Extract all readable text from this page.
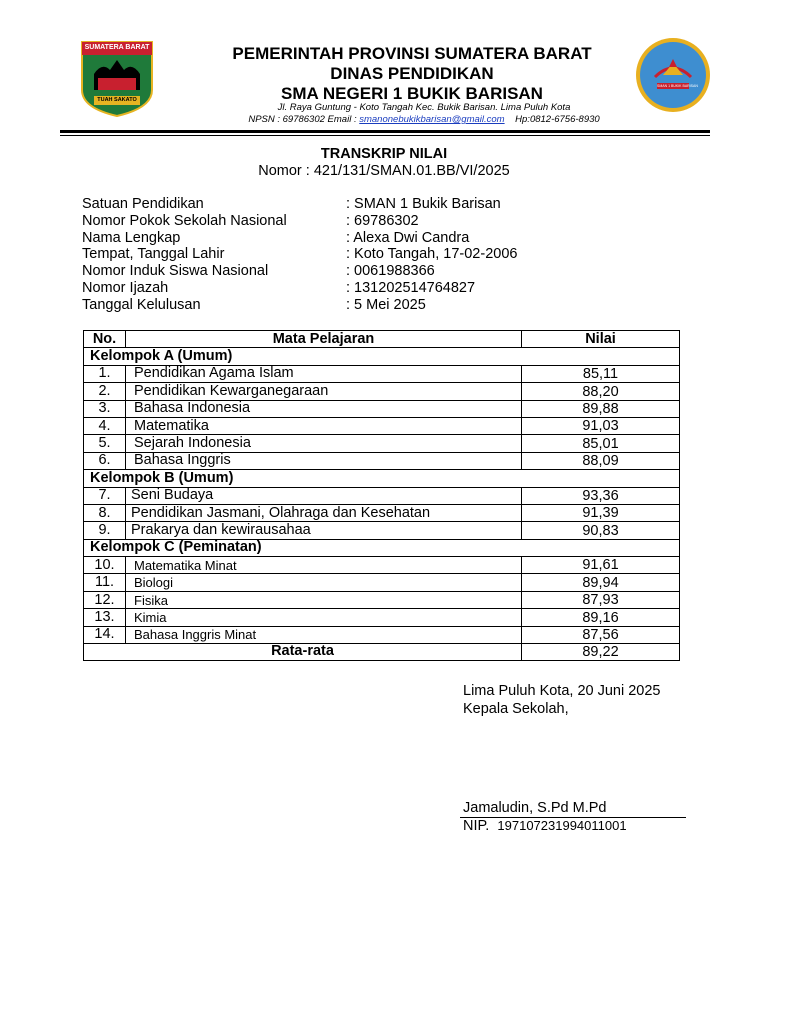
SUMATERA BARAT
TUAH SAKATO
SMAN 1 BUKIK BARISAN
PEMERINTAH PROVINSI SUMATERA BARAT
DINAS PENDIDIKAN
SMA NEGERI 1 BUKIK BARISAN
Jl. Raya Guntung - Koto Tangah Kec. Bukik Barisan. Lima Puluh Kota
NPSN : 69786302 Email : smanonebukikbarisan@gmail.com Hp:0812-6756-8930
TRANSKRIP NILAI
Nomor : 421/131/SMAN.01.BB/VI/2025
Satuan Pendidikan	: SMAN 1 Bukik Barisan
Nomor Pokok Sekolah Nasional	: 69786302
Nama Lengkap	: Alexa Dwi Candra
Tempat, Tanggal Lahir	: Koto Tangah, 17-02-2006
Nomor Induk Siswa Nasional	: 0061988366
Nomor Ijazah	: 131202514764827
Tanggal Kelulusan	: 5 Mei 2025
No.	Mata Pelajaran	Nilai
Kelompok A (Umum)		
1.	Pendidikan Agama Islam	85,11
2.	Pendidikan Kewarganegaraan	88,20
3.	Bahasa Indonesia	89,88
4.	Matematika	91,03
5.	Sejarah Indonesia	85,01
6.	Bahasa Inggris	88,09
Kelompok B (Umum)		
7.	Seni Budaya	93,36
8.	Pendidikan Jasmani, Olahraga dan Kesehatan	91,39
9.	Prakarya dan kewirausahaa	90,83
Kelompok C (Peminatan)		
10.	Matematika Minat	91,61
11.	Biologi	89,94
12.	Fisika	87,93
13.	Kimia	89,16
14.	Bahasa Inggris Minat	87,56
Rata-rata		89,22
Lima Puluh Kota, 20 Juni 2025
Kepala Sekolah,
Jamaludin, S.Pd M.Pd
NIP. 197107231994011001
